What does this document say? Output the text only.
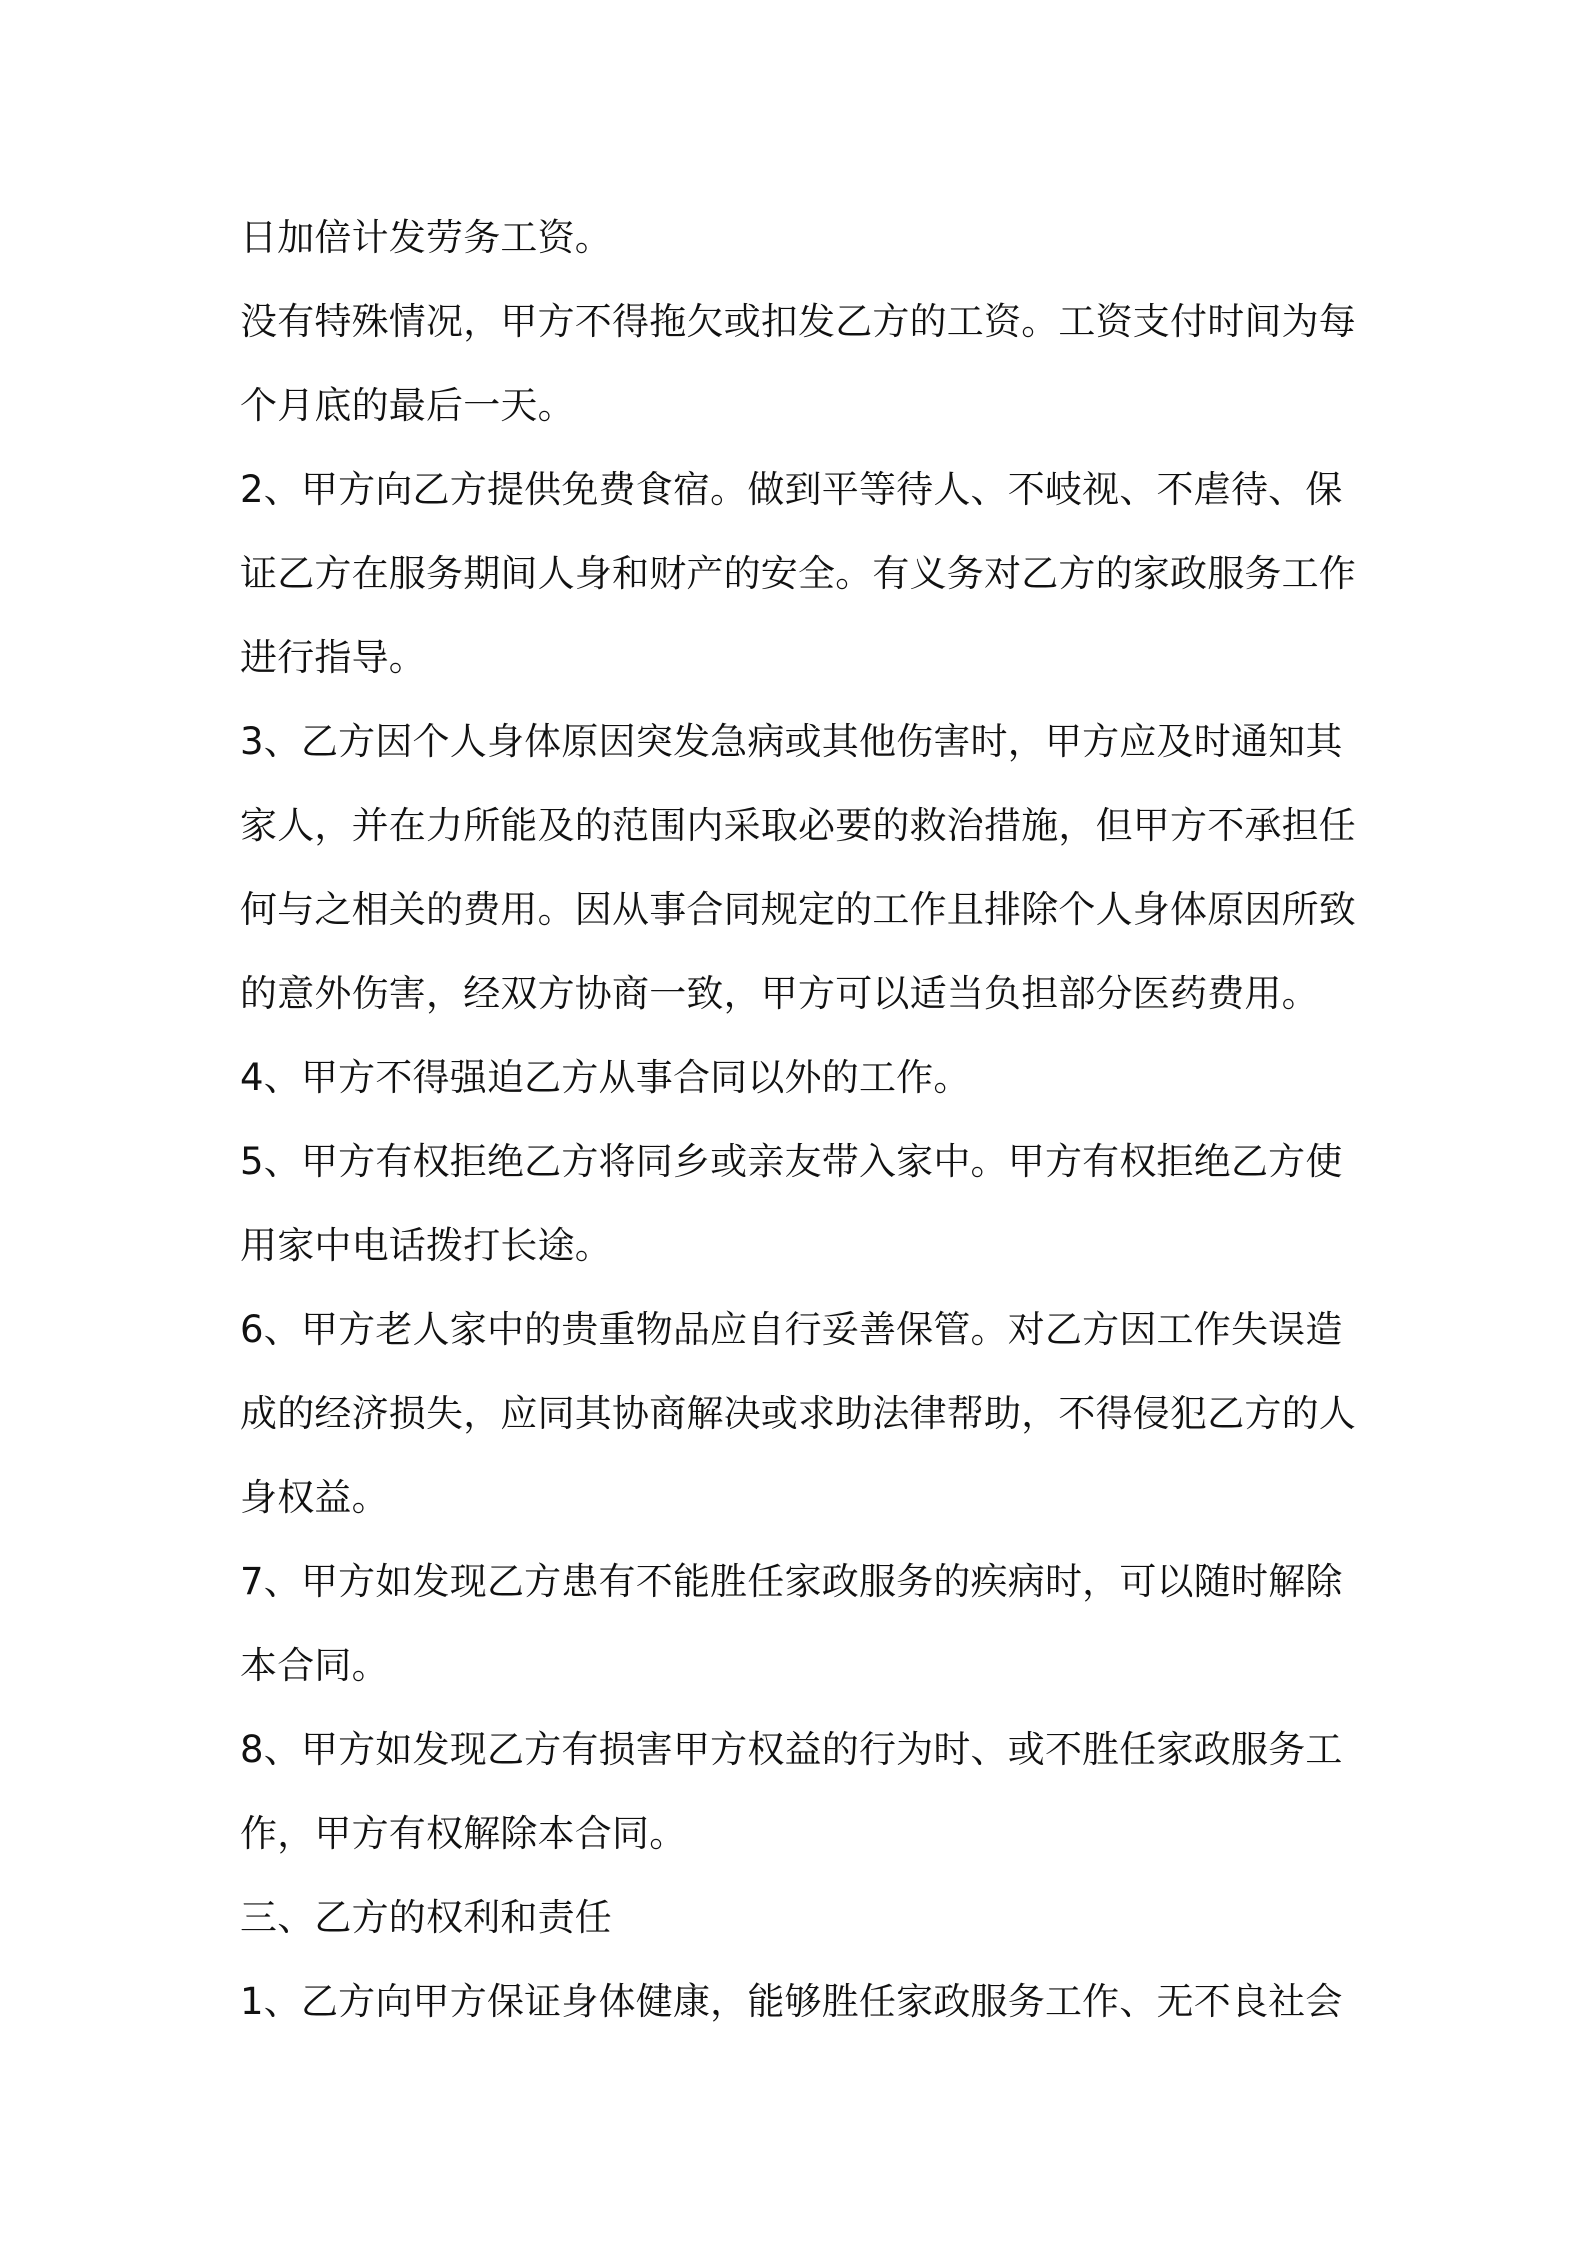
日加倍计发劳务工资。
没有特殊情况，甲方不得拖欠或扣发乙方的工资。工资支付时间为每
个月底的最后一天。
2、甲方向乙方提供免费食宿。做到平等待人、不岐视、不虐待、保
证乙方在服务期间人身和财产的安全。有义务对乙方的家政服务工作
进行指导。
3、乙方因个人身体原因突发急病或其他伤害时，甲方应及时通知其
家人，并在力所能及的范围内采取必要的救治措施，但甲方不承担任
何与之相关的费用。因从事合同规定的工作且排除个人身体原因所致
的意外伤害，经双方协商一致，甲方可以适当负担部分医药费用。
4、甲方不得强迫乙方从事合同以外的工作。
5、甲方有权拒绝乙方将同乡或亲友带入家中。甲方有权拒绝乙方使
用家中电话拨打长途。
6、甲方老人家中的贵重物品应自行妥善保管。对乙方因工作失误造
成的经济损失，应同其协商解决或求助法律帮助，不得侵犯乙方的人
身权益。
7、甲方如发现乙方患有不能胜任家政服务的疾病时，可以随时解除
本合同。
8、甲方如发现乙方有损害甲方权益的行为时、或不胜任家政服务工
作，甲方有权解除本合同。
三、乙方的权利和责任
1、乙方向甲方保证身体健康，能够胜任家政服务工作、无不良社会
